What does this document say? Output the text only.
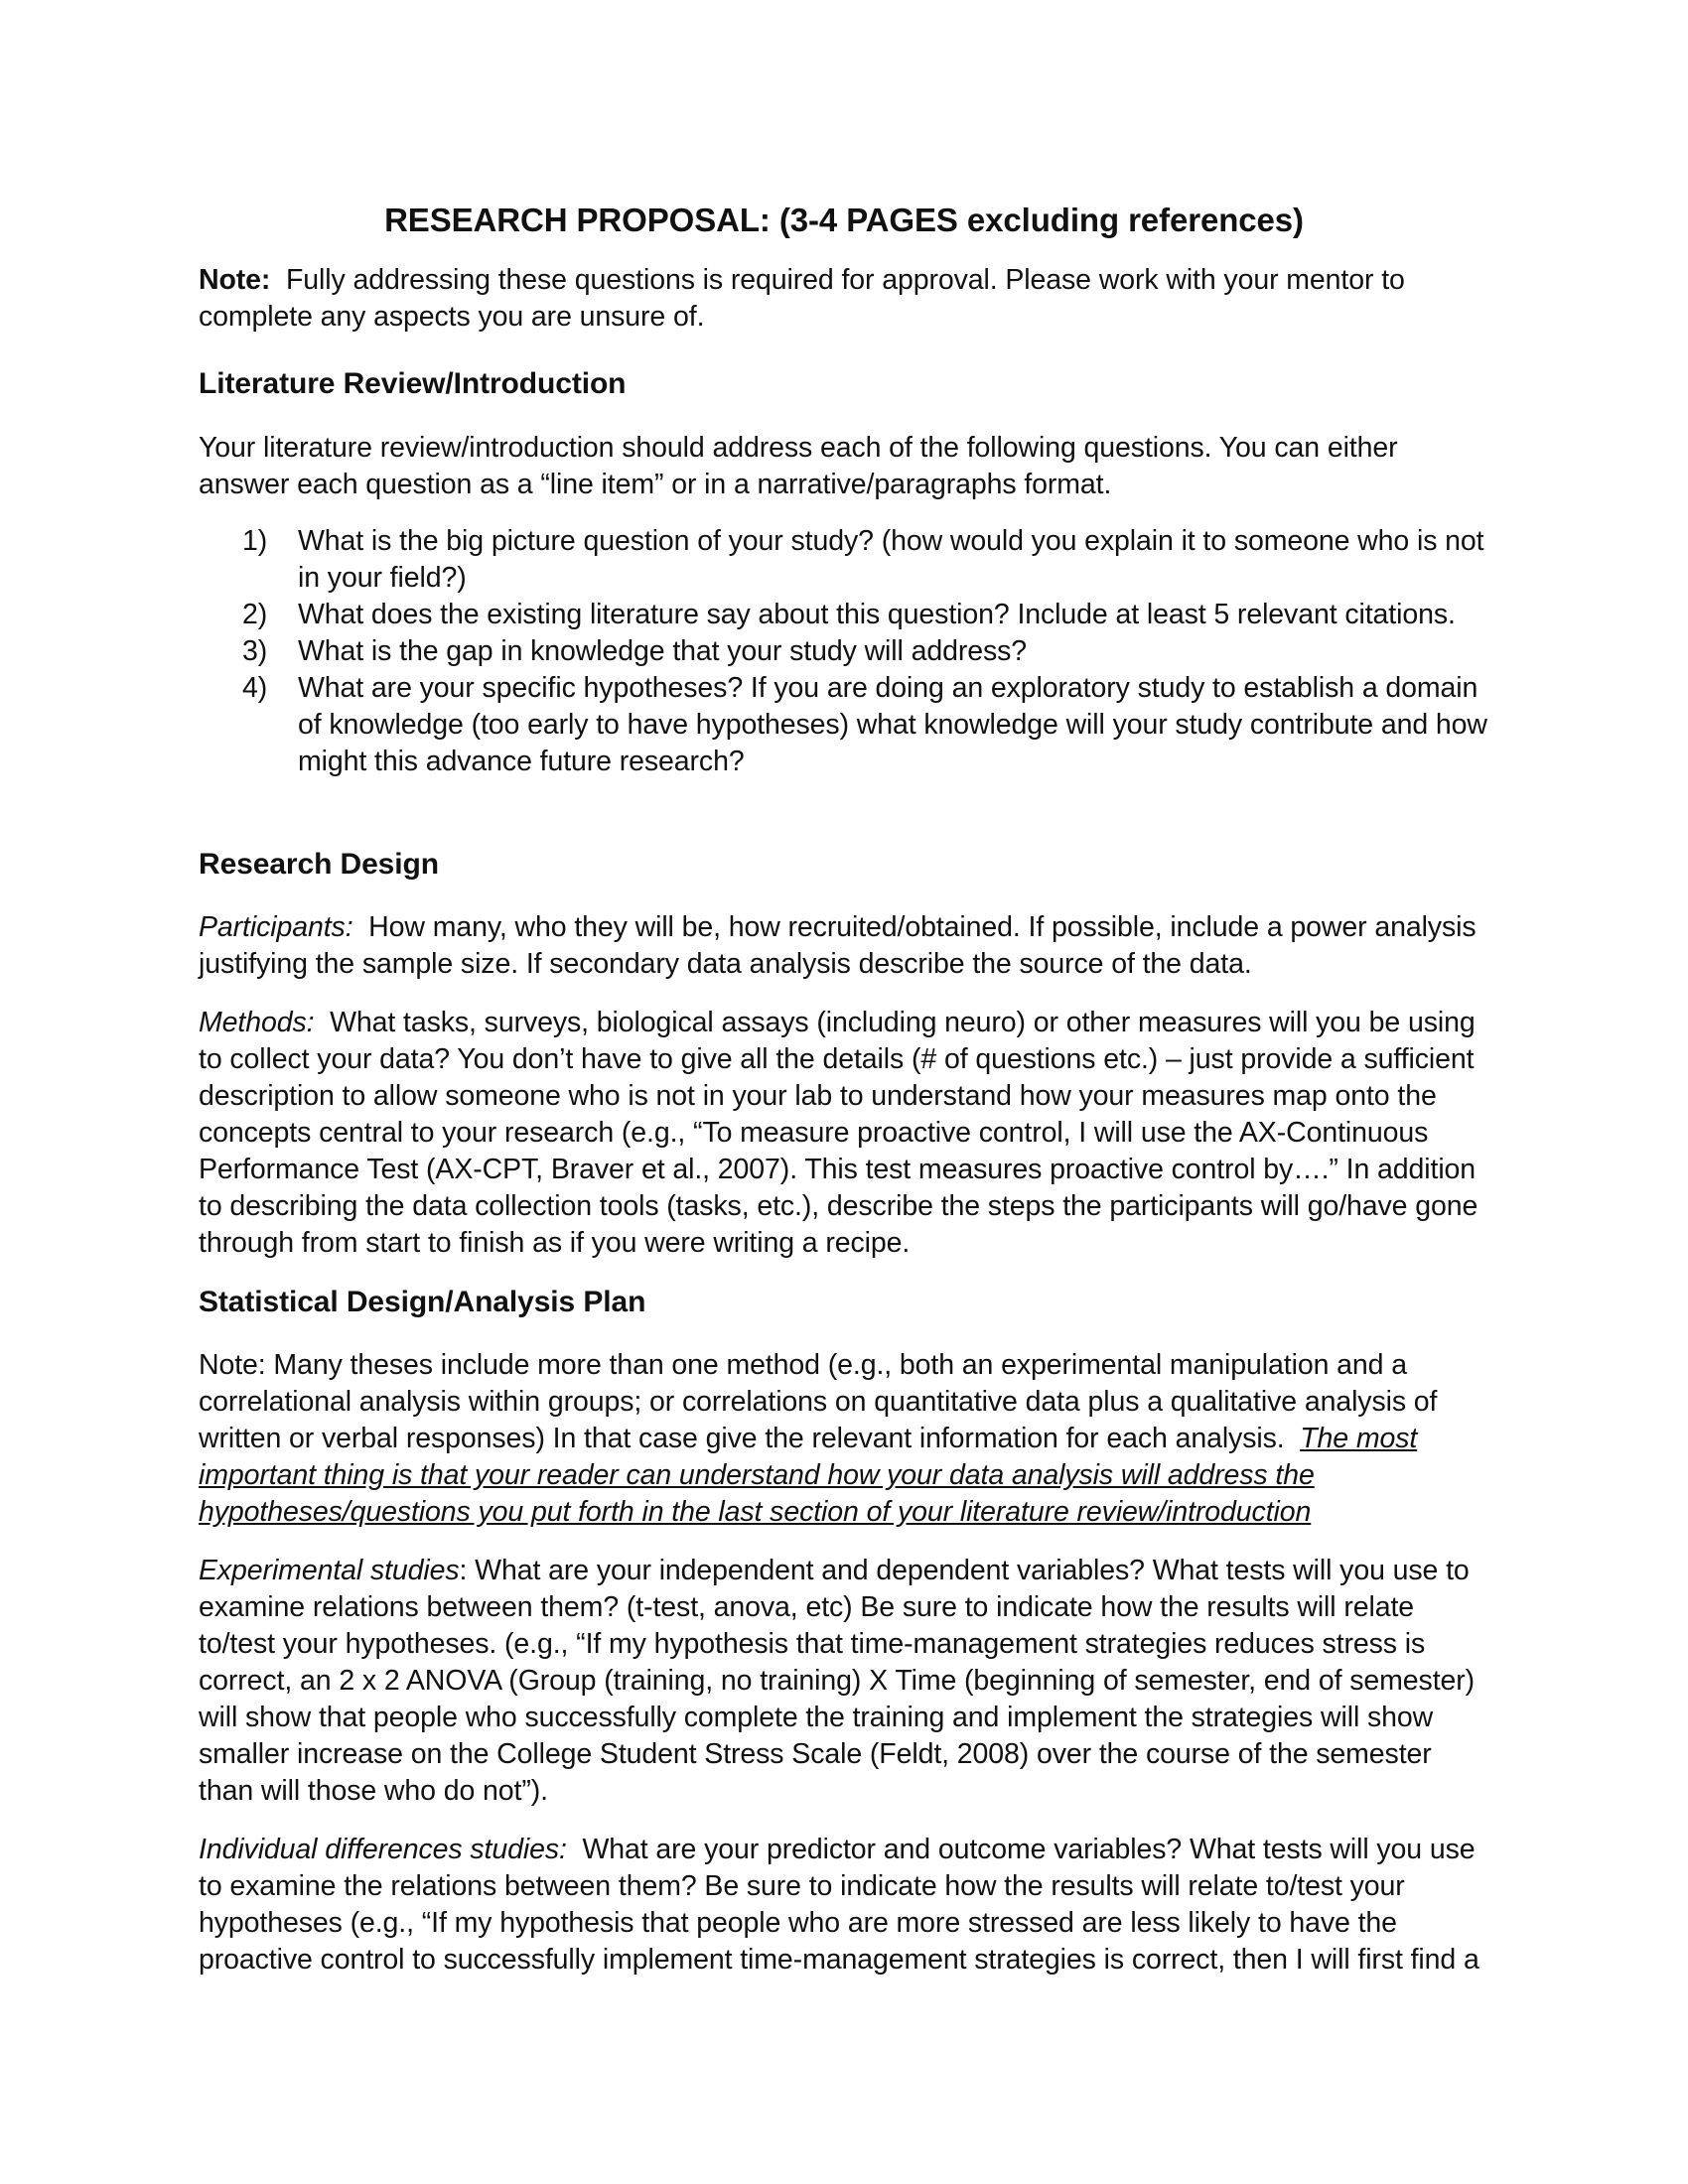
RESEARCH PROPOSAL: (3-4 PAGES excluding references)

Note: Fully addressing these questions is required for approval. Please work with your mentor to complete any aspects you are unsure of.

Literature Review/Introduction

Your literature review/introduction should address each of the following questions. You can either answer each question as a “line item” or in a narrative/paragraphs format.

1) What is the big picture question of your study? (how would you explain it to someone who is not in your field?)
2) What does the existing literature say about this question? Include at least 5 relevant citations.
3) What is the gap in knowledge that your study will address?
4) What are your specific hypotheses? If you are doing an exploratory study to establish a domain of knowledge (too early to have hypotheses) what knowledge will your study contribute and how might this advance future research?
Research Design

Participants: How many, who they will be, how recruited/obtained. If possible, include a power analysis justifying the sample size. If secondary data analysis describe the source of the data.

Methods: What tasks, surveys, biological assays (including neuro) or other measures will you be using to collect your data? You don’t have to give all the details (# of questions etc.) – just provide a sufficient description to allow someone who is not in your lab to understand how your measures map onto the concepts central to your research (e.g., “To measure proactive control, I will use the AX-Continuous Performance Test (AX-CPT, Braver et al., 2007). This test measures proactive control by….” In addition to describing the data collection tools (tasks, etc.), describe the steps the participants will go/have gone through from start to finish as if you were writing a recipe.

Statistical Design/Analysis Plan

Note: Many theses include more than one method (e.g., both an experimental manipulation and a correlational analysis within groups; or correlations on quantitative data plus a qualitative analysis of written or verbal responses) In that case give the relevant information for each analysis. The most important thing is that your reader can understand how your data analysis will address the hypotheses/questions you put forth in the last section of your literature review/introduction

Experimental studies: What are your independent and dependent variables? What tests will you use to examine relations between them? (t-test, anova, etc) Be sure to indicate how the results will relate to/test your hypotheses. (e.g., “If my hypothesis that time-management strategies reduces stress is correct, an 2 x 2 ANOVA (Group (training, no training) X Time (beginning of semester, end of semester) will show that people who successfully complete the training and implement the strategies will show smaller increase on the College Student Stress Scale (Feldt, 2008) over the course of the semester than will those who do not”).

Individual differences studies: What are your predictor and outcome variables? What tests will you use to examine the relations between them? Be sure to indicate how the results will relate to/test your hypotheses (e.g., “If my hypothesis that people who are more stressed are less likely to have the proactive control to successfully implement time-management strategies is correct, then I will first find a
